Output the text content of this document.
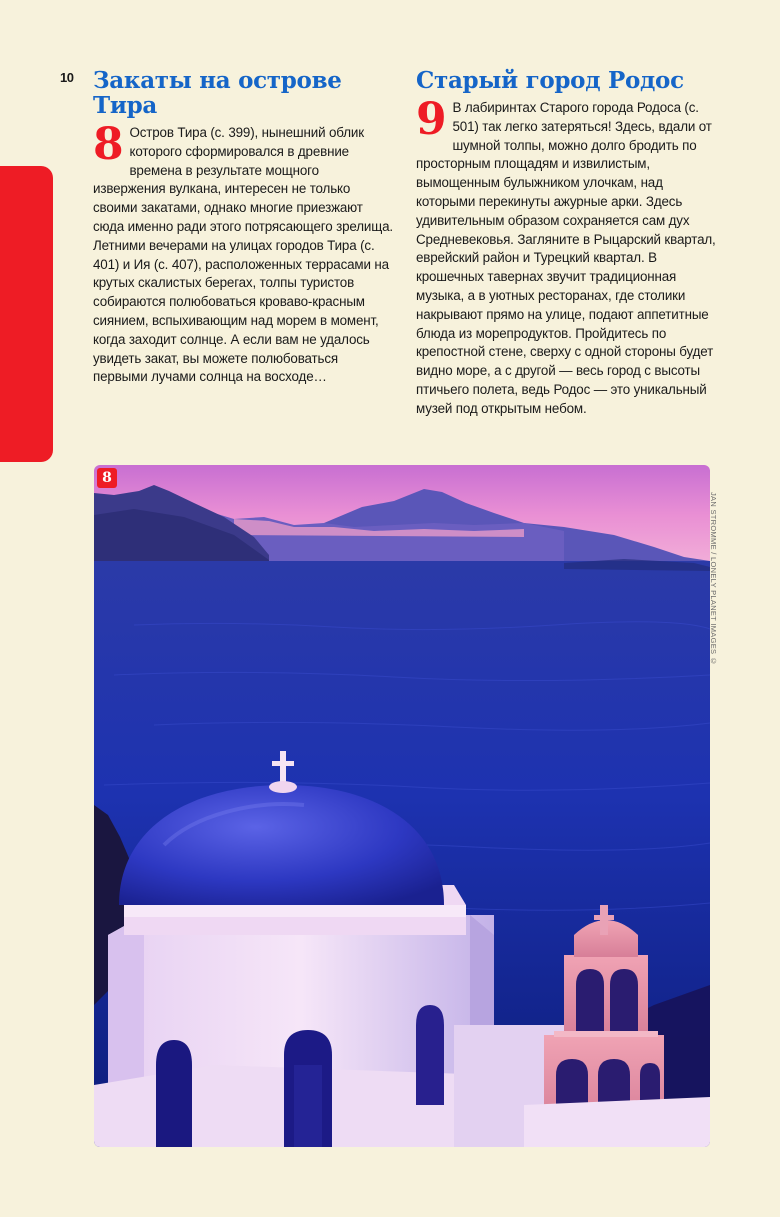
10 Закаты на острове Тира

8 Остров Тира (с. 399), нынешний облик которого сформировался в древние времена в результате мощного извержения вулкана, интересен не только своими закатами, однако многие приезжают сюда именно ради этого потрясающего зрелища. Летними вечерами на улицах городов Тира (с. 401) и Ия (с. 407), расположенных террасами на крутых скалистых берегах, толпы туристов собираются полюбоваться кроваво-красным сиянием, вспыхивающим над морем в момент, когда заходит солнце. А если вам не удалось увидеть закат, вы можете полюбоваться первыми лучами солнца на восходе…

Старый город Родос

9 В лабиринтах Старого города Родоса (с. 501) так легко затеряться! Здесь, вдали от шумной толпы, можно долго бродить по просторным площадям и извилистым, вымощенным булыжником улочкам, над которыми перекинуты ажурные арки. Здесь удивительным образом сохраняется сам дух Средневековья. Загляните в Рыцарский квартал, еврейский район и Турецкий квартал. В крошечных тавернах звучит традиционная музыка, а в уютных ресторанах, где столики накрывают прямо на улице, подают аппетитные блюда из морепродуктов. Пройдитесь по крепостной стене, сверху с одной стороны будет видно море, а с другой — весь город с высоты птичьего полета, ведь Родос — это уникальный музей под открытым небом.

8
JAN STROMME / LONELY PLANET IMAGES ©
